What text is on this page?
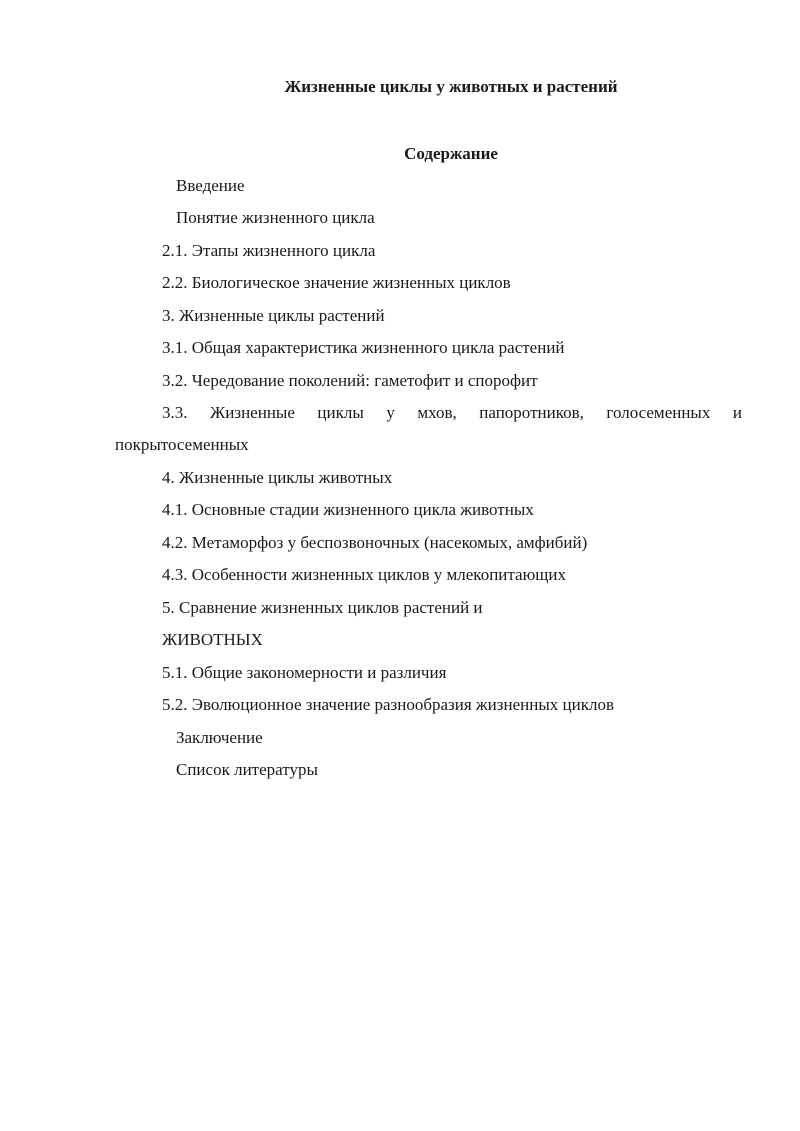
Жизненные циклы у животных и растений
Содержание

Введение

Понятие жизненного цикла

2.1. Этапы жизненного цикла

2.2. Биологическое значение жизненных циклов

3. Жизненные циклы растений

3.1. Общая характеристика жизненного цикла растений

3.2. Чередование поколений: гаметофит и спорофит

3.3. Жизненные циклы у мхов, папоротников, голосеменных и

покрытосеменных

4. Жизненные циклы животных

4.1. Основные стадии жизненного цикла животных

4.2. Метаморфоз у беспозвоночных (насекомых, амфибий)

4.3. Особенности жизненных циклов у млекопитающих

5. Сравнение жизненных циклов растений и

ЖИВОТНЫХ

5.1. Общие закономерности и различия

5.2. Эволюционное значение разнообразия жизненных циклов

Заключение

Список литературы
